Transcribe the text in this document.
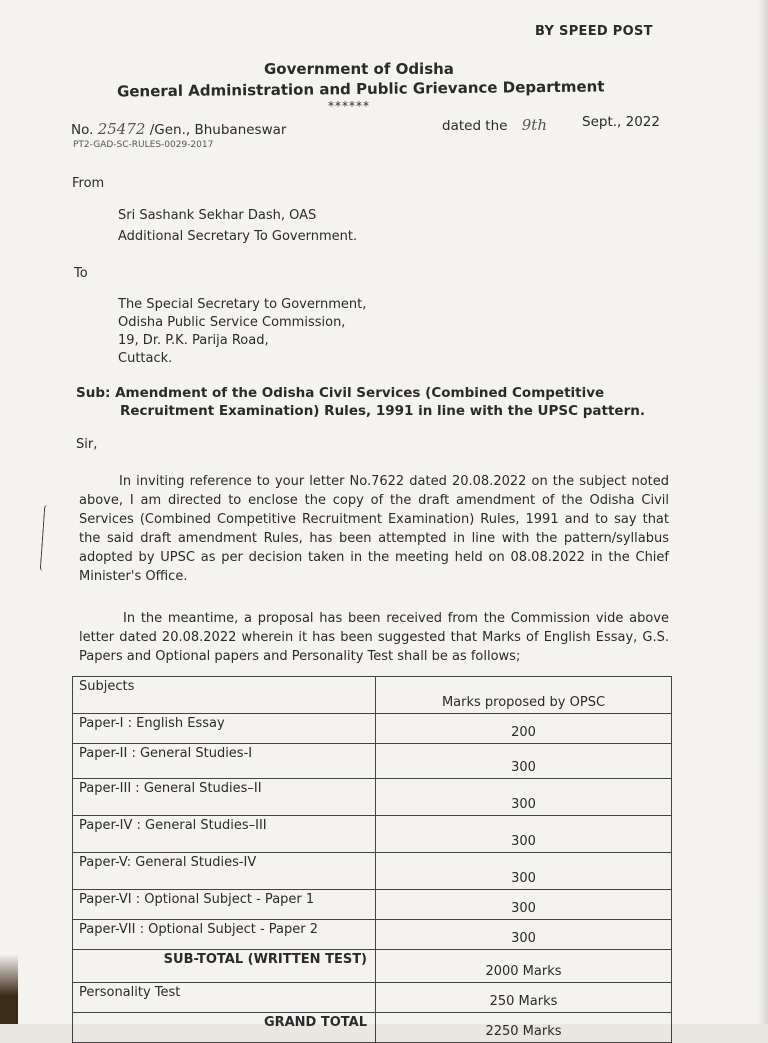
BY SPEED POST
Government of Odisha
General Administration and Public Grievance Department
******
No. 25472 /Gen., Bhubaneswar	dated the 9th	Sept., 2022
PT2-GAD-SC-RULES-0029-2017
From
Sri Sashank Sekhar Dash, OAS
Additional Secretary To Government.
To
The Special Secretary to Government,
Odisha Public Service Commission,
19, Dr. P.K. Parija Road,
Cuttack.
Sub: Amendment of the Odisha Civil Services (Combined Competitive
Recruitment Examination) Rules, 1991 in line with the UPSC pattern.
Sir,
In inviting reference to your letter No.7622 dated 20.08.2022 on the subject noted above, I am directed to enclose the copy of the draft amendment of the Odisha Civil Services (Combined Competitive Recruitment Examination) Rules, 1991 and to say that the said draft amendment Rules, has been attempted in line with the pattern/syllabus adopted by UPSC as per decision taken in the meeting held on 08.08.2022 in the Chief Minister's Office.
In the meantime, a proposal has been received from the Commission vide above letter dated 20.08.2022 wherein it has been suggested that Marks of English Essay, G.S. Papers and Optional papers and Personality Test shall be as follows;
Subjects	Marks proposed by OPSC
Paper-I : English Essay	200
Paper-II : General Studies-I	300
Paper-III : General Studies–II	300
Paper-IV : General Studies–III	300
Paper-V: General Studies-IV	300
Paper-VI : Optional Subject - Paper 1	300
Paper-VII : Optional Subject - Paper 2	300
SUB-TOTAL (WRITTEN TEST)	2000 Marks
Personality Test	250 Marks
GRAND TOTAL	2250 Marks
